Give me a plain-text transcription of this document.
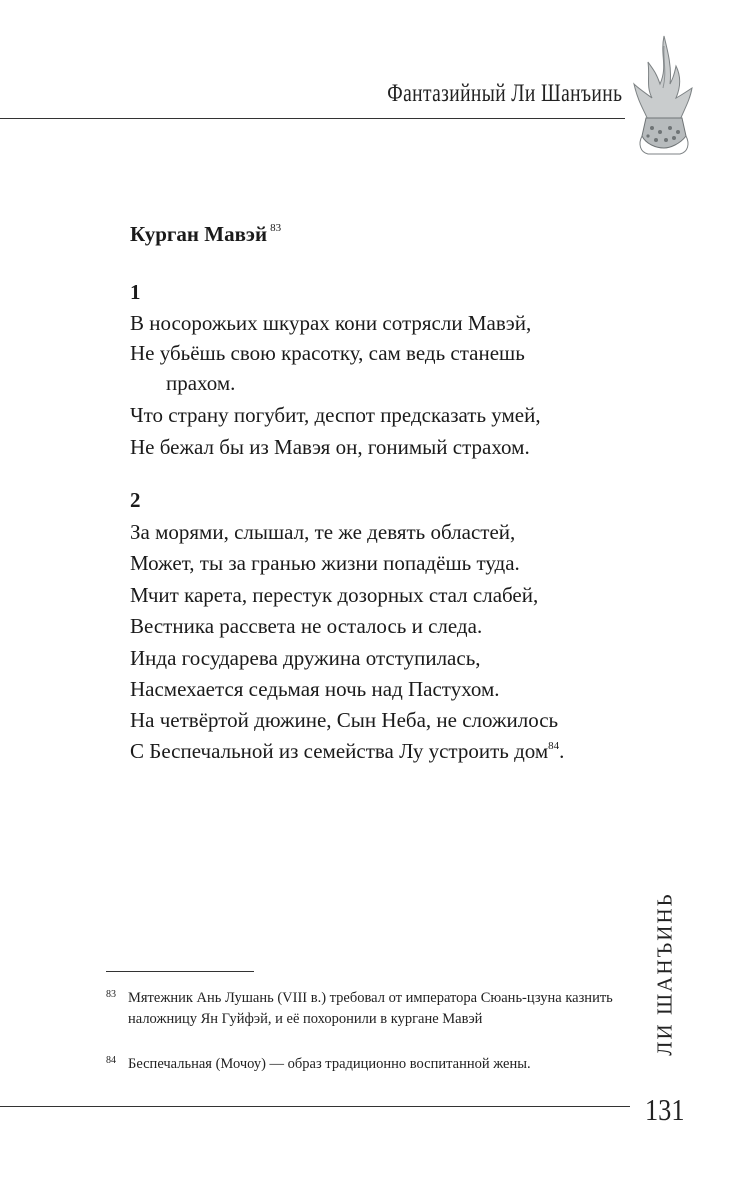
Фантазийный Ли Шанъинь
Курган Мавэй $^{83}$
1
В носорожьих шкурах кони сотрясли Мавэй,
Не убьёшь свою красотку, сам ведь станешь
прахом.
Что страну погубит, деспот предсказать умей,
Не бежал бы из Мавэя он, гонимый страхом.
2
За морями, слышал, те же девять областей,
Может, ты за гранью жизни попадёшь туда.
Мчит карета, перестук дозорных стал слабей,
Вестника рассвета не осталось и следа.
Инда государева дружина отступилась,
Насмехается седьмая ночь над Пастухом.
На четвёртой дюжине, Сын Неба, не сложилось
С Беспечальной из семейства Лу устроить дом$^{84}$.
83 Мятежник Ань Лушань (VIII в.) требовал от императора Сюань-цзуна казнить наложницу Ян Гуйфэй, и её похоронили в кургане Мавэй
84 Беспечальная (Мочоу) — образ традиционно воспитанной жены.
ЛИ ШАНЪИНЬ
131
